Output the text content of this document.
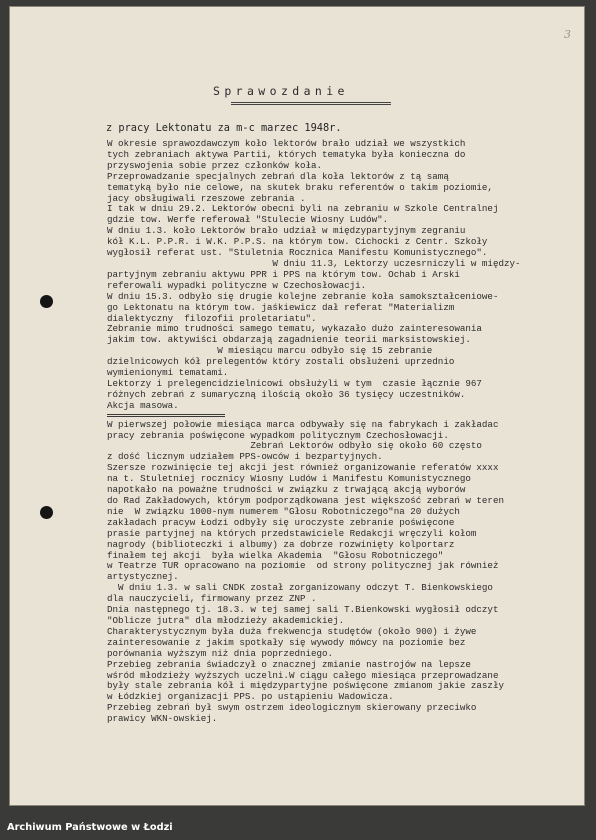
3
Sprawozdanie
z pracy Lektonatu za m-c marzec 1948r.
W okresie sprawozdawczym koło lektorów brało udział we wszystkich
tych zebraniach aktywa Partii, których tematyka była konieczna do
przyswojenia sobie przez członków koła.
Przeprowadzanie specjalnych zebrań dla koła lektorów z tą samą
tematyką było nie celowe, na skutek braku referentów o takim poziomie,
jacy obsługiwali rzeszowe zebrania .
I tak w dniu 29.2. Lektorów obecni byli na zebraniu w Szkole Centralnej
gdzie tow. Werfe referował "Stulecie Wiosny Ludów".
W dniu 1.3. koło Lektorów brało udział w międzypartyjnym zegraniu
kół K.L. P.P.R. i W.K. P.P.S. na którym tow. Cichocki z Centr. Szkoły
wygłosił referat ust. "Stuletnia Rocznica Manifestu Komunistycznego".
W dniu 11.3, Lektorzy uczesrniczyli w między-
partyjnym zebraniu aktywu PPR i PPS na którym tow. Ochab i Arski
referowali wypadki polityczne w Czechosłowacji.
W dniu 15.3. odbyło się drugie kolejne zebranie koła samokształceniowe-
go Lektonatu na którym tow. jaśkiewicz dał referat "Materializm
dialektyczny  filozofii proletariatu".
Zebranie mimo trudności samego tematu, wykazało dużo zainteresowania
jakim tow. aktywiści obdarzają zagadnienie teorii marksistowskiej.
W miesiącu marcu odbyło się 15 zebranie
dzielnicowych kół prelegentów który zostali obsłużeni uprzednio
wymienionymi tematami.
Lektorzy i prelegencidzielnicowi obsłużyli w tym  czasie łącznie 967
różnych zebrań z sumaryczną ilością około 36 tysięcy uczestników.
Akcja masowa.
W pierwszej połowie miesiąca marca odbywały się na fabrykach i zakładac
pracy zebrania poświęcone wypadkom politycznym Czechosłowacji.
Zebrań Lektorów odbyło się około 60 często
z dość licznym udziałem PPS-owców i bezpartyjnych.
Szersze rozwinięcie tej akcji jest również organizowanie referatów xxxx
na t. Stuletniej rocznicy Wiosny Ludów i Manifestu Komunistycznego
napotkało na poważne trudności w związku z trwającą akcją wyborów
do Rad Zakładowych, którym podporządkowana jest większość zebrań w teren
nie  W związku 1000-nym numerem "Głosu Robotniczego"na 20 dużych
zakładach pracyw Łodzi odbyły się uroczyste zebranie poświęcone
prasie partyjnej na których przedstawiciele Redakcji wręczyli kołom
nagrody (biblioteczki i albumy) za dobrze rozwinięty kolportarz
finałem tej akcji  była wielka Akademia  "Głosu Robotniczego"
w Teatrze TUR opracowano na poziomie  od strony politycznej jak również
artystycznej.
W dniu 1.3. w sali CNDK został zorganizowany odczyt T. Bienkowskiego
dla nauczycieli, firmowany przez ZNP .
Dnia następnego tj. 18.3. w tej samej sali T.Bienkowski wygłosił odczyt
"Oblicze jutra" dla młodzieży akademickiej.
Charakterystycznym była duża frekwencja studętów (około 900) i żywe
zainteresowanie z jakim spotkały się wywody mówcy na poziomie bez
porównania wyższym niż dnia poprzedniego.
Przebieg zebrania świadczył o znacznej zmianie nastrojów na lepsze
wśród młodzieży wyższych uczelni.W ciągu całego miesiąca przeprowadzane
były stale zebrania kół i międzypartyjne poświęcone zmianom jakie zaszły
w Łódzkiej organizacji PPS. po ustąpieniu Wadowicza.
Przebieg zebrań był swym ostrzem ideologicznym skierowany przeciwko
prawicy WKN-owskiej.
Archiwum Państwowe w Łodzi
